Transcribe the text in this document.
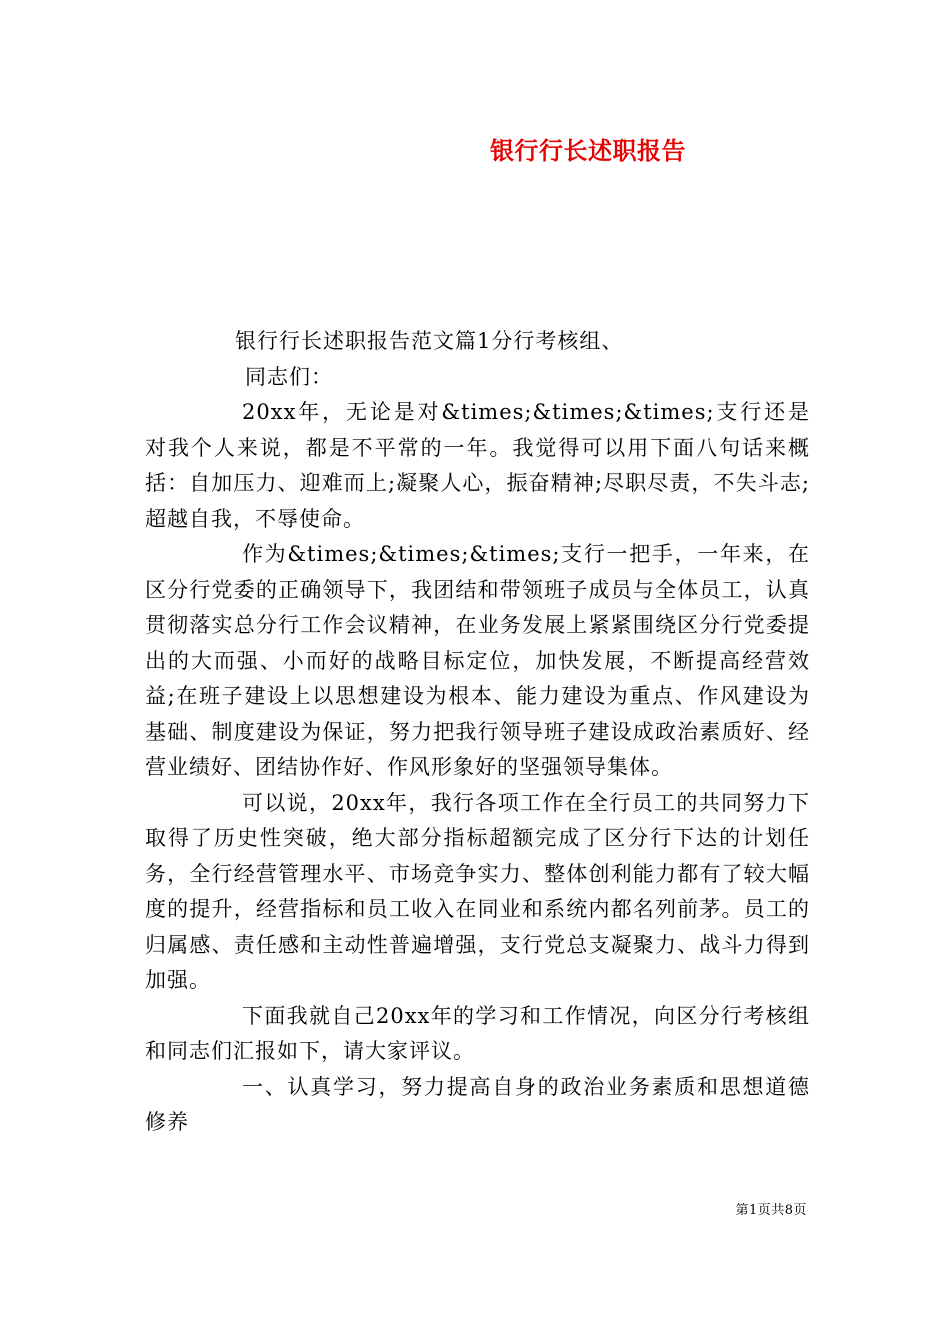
银行行长述职报告

银行行长述职报告范文篇1分行考核组、

同志们：

20xx年，无论是对&times;&times;&times;支行还是对我个人来说，都是不平常的一年。我觉得可以用下面八句话来概括：自加压力、迎难而上;凝聚人心，振奋精神;尽职尽责，不失斗志;超越自我，不辱使命。

作为&times;&times;&times;支行一把手，一年来，在区分行党委的正确领导下，我团结和带领班子成员与全体员工，认真贯彻落实总分行工作会议精神，在业务发展上紧紧围绕区分行党委提出的大而强、小而好的战略目标定位，加快发展，不断提高经营效益;在班子建设上以思想建设为根本、能力建设为重点、作风建设为基础、制度建设为保证，努力把我行领导班子建设成政治素质好、经营业绩好、团结协作好、作风形象好的坚强领导集体。

可以说，20xx年，我行各项工作在全行员工的共同努力下取得了历史性突破，绝大部分指标超额完成了区分行下达的计划任务，全行经营管理水平、市场竞争实力、整体创利能力都有了较大幅度的提升，经营指标和员工收入在同业和系统内都名列前茅。员工的归属感、责任感和主动性普遍增强，支行党总支凝聚力、战斗力得到加强。

下面我就自己20xx年的学习和工作情况，向区分行考核组和同志们汇报如下，请大家评议。

一、认真学习，努力提高自身的政治业务素质和思想道德修养

第1页共8页
